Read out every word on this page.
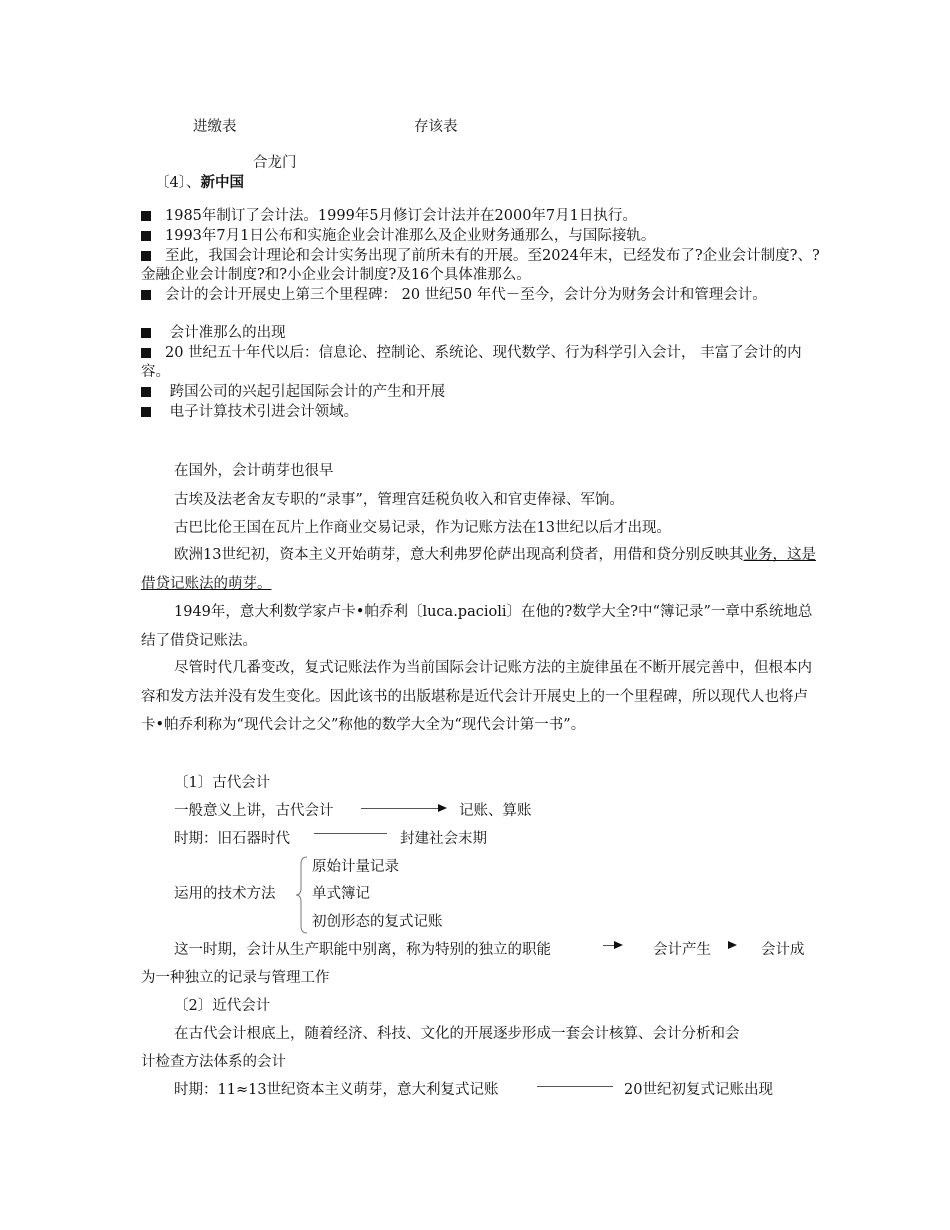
进缴表	存该表
合龙门
〔4〕、新中国
1985年制订了会计法。1999年5月修订会计法并在2000年7月1日执行。
1993年7月1日公布和实施企业会计准那么及企业财务通那么，与国际接轨。
至此，我国会计理论和会计实务出现了前所未有的开展。至2024年末，已经发布了?企业会计制度?、?金融企业会计制度?和?小企业会计制度?及16个具体准那么。
会计的会计开展史上第三个里程碑： 20 世纪50 年代－至今，会计分为财务会计和管理会计。
会计准那么的出现
20 世纪五十年代以后：信息论、控制论、系统论、现代数学、行为科学引入会计， 丰富了会计的内容。
跨国公司的兴起引起国际会计的产生和开展
电子计算技术引进会计领域。
在国外，会计萌芽也很早
古埃及法老舍友专职的“录事”，管理宫廷税负收入和官吏俸禄、军饷。
古巴比伦王国在瓦片上作商业交易记录，作为记账方法在13世纪以后才出现。
欧洲13世纪初，资本主义开始萌芽，意大利弗罗伦萨出现高利贷者，用借和贷分别反映其业务，这是借贷记账法的萌芽。
1949年，意大利数学家卢卡•帕乔利〔luca.pacioli〕在他的?数学大全?中“簿记录”一章中系统地总结了借贷记账法。
尽管时代几番变改，复式记账法作为当前国际会计记账方法的主旋律虽在不断开展完善中，但根本内容和发方法并没有发生变化。因此该书的出版堪称是近代会计开展史上的一个里程碑，所以现代人也将卢卡•帕乔利称为“现代会计之父”称他的数学大全为“现代会计第一书”。
〔1〕古代会计
一般意义上讲，古代会计	记账、算账
时期：旧石器时代	封建社会末期
运用的技术方法
原始计量记录
单式簿记
初创形态的复式记账
这一时期，会计从生产职能中别离，称为特别的独立的职能	会计产生	会计成
为一种独立的记录与管理工作
〔2〕近代会计
在古代会计根底上，随着经济、科技、文化的开展逐步形成一套会计核算、会计分析和会
计检查方法体系的会计
时期：11≈13世纪资本主义萌芽，意大利复式记账	20世纪初复式记账出现
